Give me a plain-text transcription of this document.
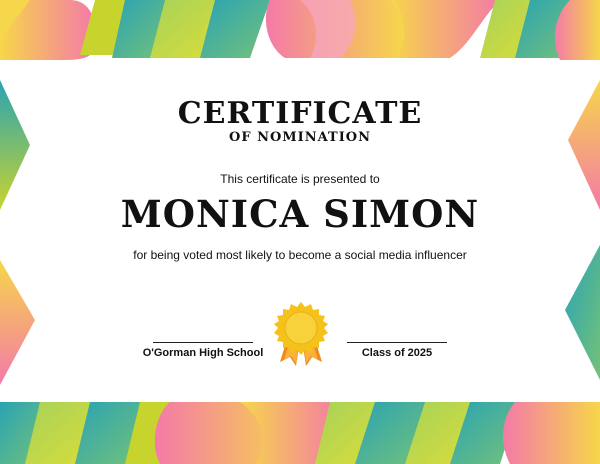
CERTIFICATE
OF NOMINATION
This certificate is presented to
MONICA SIMON
for being voted most likely to become a social media influencer
O'Gorman High School	Class of 2025
